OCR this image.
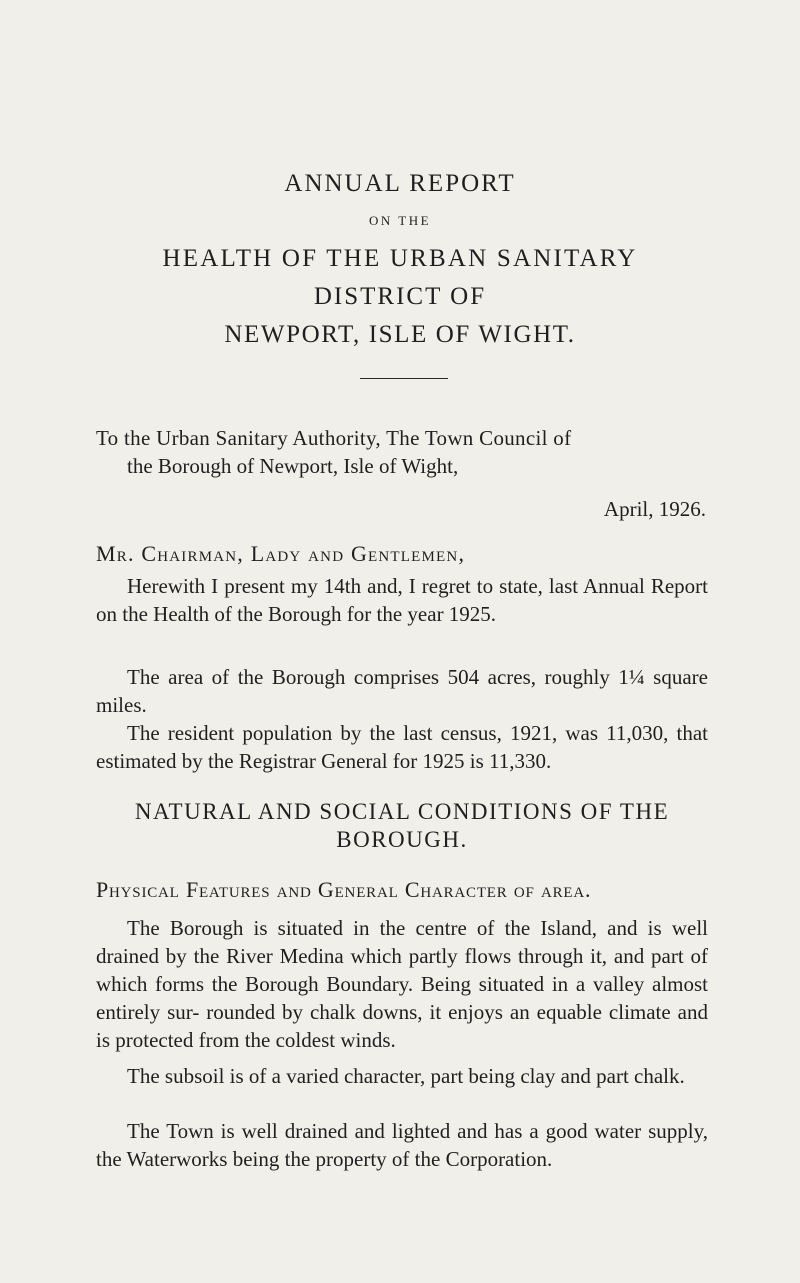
ANNUAL REPORT
ON THE
HEALTH OF THE URBAN SANITARY
DISTRICT OF
NEWPORT, ISLE OF WIGHT.
To the Urban Sanitary Authority, The Town Council of
the Borough of Newport, Isle of Wight,
April, 1926.
Mr. Chairman, Lady and Gentlemen,
Herewith I present my 14th and, I regret to state, last Annual Report on the Health of the Borough for the year 1925.
The area of the Borough comprises 504 acres, roughly 1¼ square miles.
The resident population by the last census, 1921, was 11,030, that estimated by the Registrar General for 1925 is 11,330.
NATURAL AND SOCIAL CONDITIONS OF THE BOROUGH.
Physical Features and General Character of area.
The Borough is situated in the centre of the Island, and is well drained by the River Medina which partly flows through it, and part of which forms the Borough Boundary. Being situated in a valley almost entirely sur- rounded by chalk downs, it enjoys an equable climate and is protected from the coldest winds.
The subsoil is of a varied character, part being clay and part chalk.
The Town is well drained and lighted and has a good water supply, the Waterworks being the property of the Corporation.
